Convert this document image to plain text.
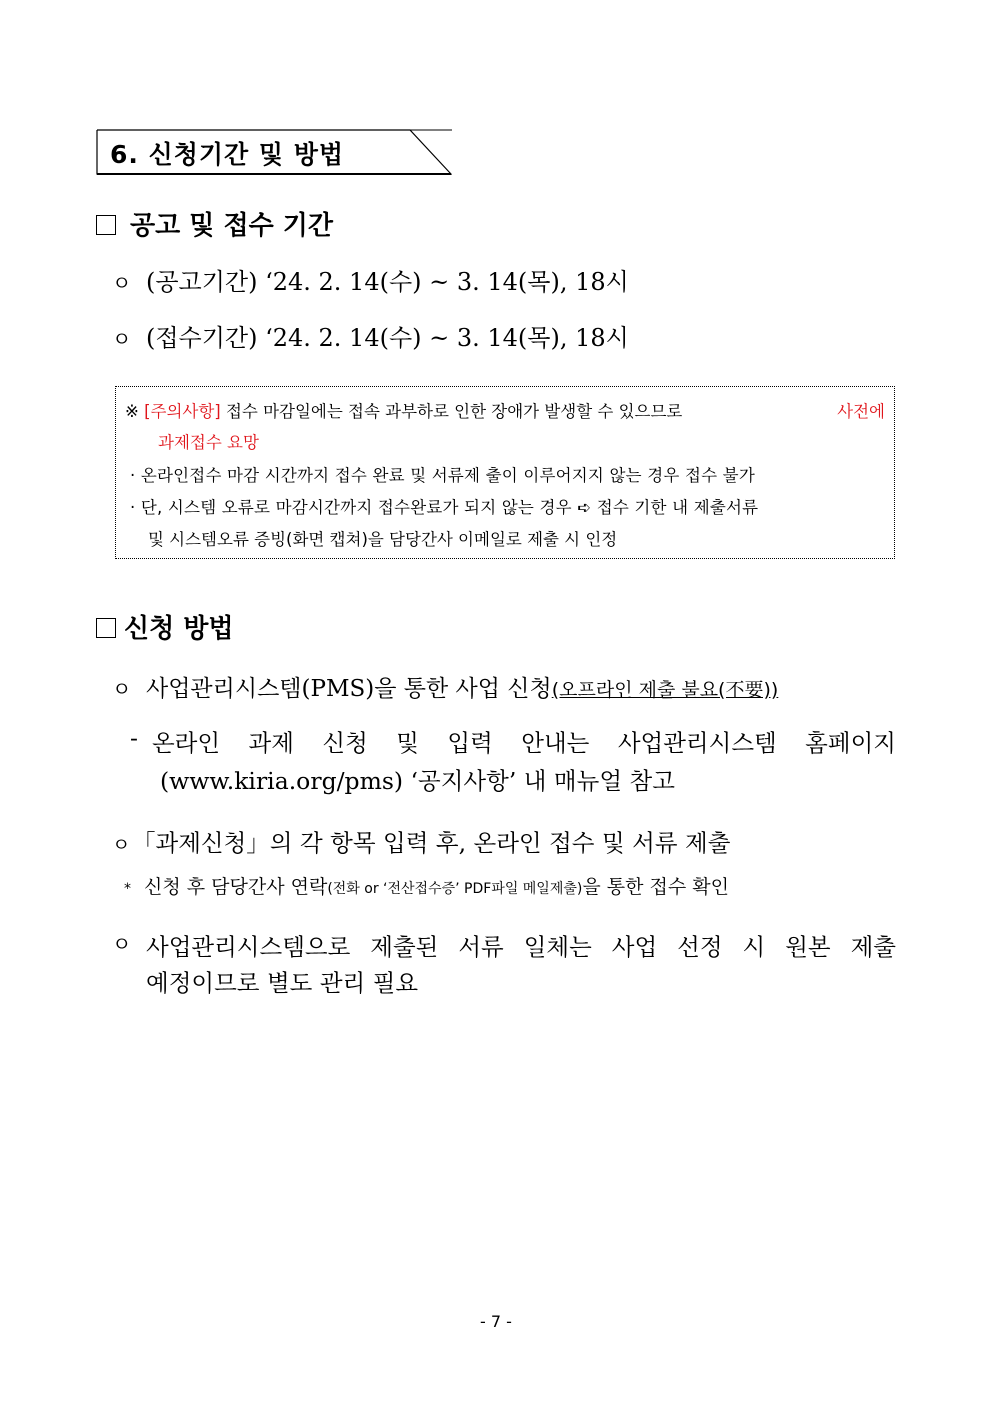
6. 신청기간 및 방법
공고 및 접수 기간
ㅇ (공고기간) ‘24. 2. 14(수) ~ 3. 14(목), 18시
ㅇ (접수기간) ‘24. 2. 14(수) ~ 3. 14(목), 18시
※ [주의사항] 접수 마감일에는 접속 과부하로 인한 장애가 발생할 수 있으므로	사전에
과제접수 요망
· 온라인접수 마감 시간까지 접수 완료 및 서류제 출이 이루어지지 않는 경우 접수 불가
· 단, 시스템 오류로 마감시간까지 접수완료가 되지 않는 경우 ➪ 접수 기한 내 제출서류
및 시스템오류 증빙(화면 캡쳐)을 담당간사 이메일로 제출 시 인정
신청 방법
ㅇ 사업관리시스템(PMS)을 통한 사업 신청(오프라인 제출 불요(不要))
- 온라인 과제 신청 및 입력 안내는 사업관리시스템 홈페이지
(www.kiria.org/pms) ‘공지사항’ 내 매뉴얼 참고
ㅇ「과제신청」의 각 항목 입력 후, 온라인 접수 및 서류 제출
* 신청 후 담당간사 연락(전화 or ‘전산접수증’ PDF파일 메일제출)을 통한 접수 확인
ㅇ 사업관리시스템으로 제출된 서류 일체는 사업 선정 시 원본 제출
예정이므로 별도 관리 필요
- 7 -
